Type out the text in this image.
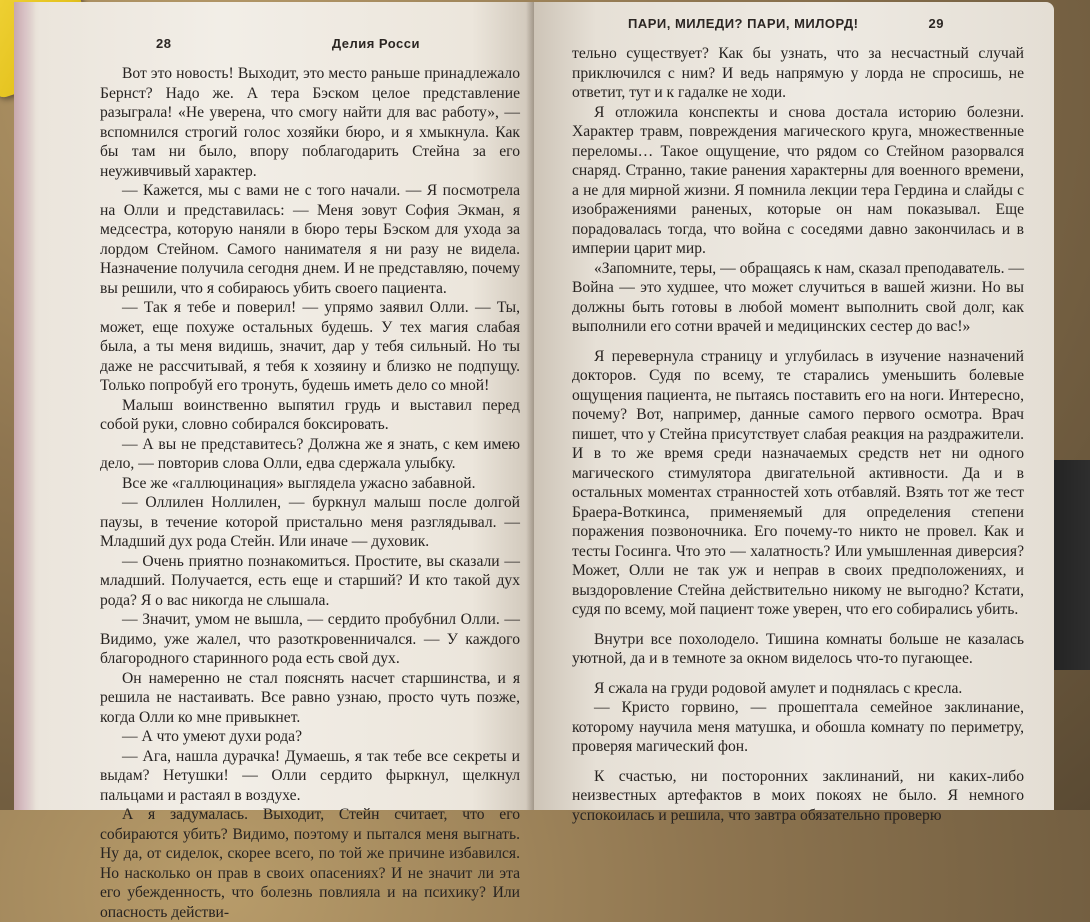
28	Делия Росси

Вот это новость! Выходит, это место раньше принадлежало Бернст? Надо же. А тера Бэском целое представление разыграла! «Не уверена, что смогу найти для вас работу», — вспомнился строгий голос хозяйки бюро, и я хмыкнула. Как бы там ни было, впору поблагодарить Стейна за его неуживчивый характер.

— Кажется, мы с вами не с того начали. — Я посмотрела на Олли и представилась: — Меня зовут София Экман, я медсестра, которую наняли в бюро теры Бэском для ухода за лордом Стейном. Самого нанимателя я ни разу не видела. Назначение получила сегодня днем. И не представляю, почему вы решили, что я собираюсь убить своего пациента.

— Так я тебе и поверил! — упрямо заявил Олли. — Ты, может, еще похуже остальных будешь. У тех магия слабая была, а ты меня видишь, значит, дар у тебя сильный. Но ты даже не рассчитывай, я тебя к хозяину и близко не подпущу. Только попробуй его тронуть, будешь иметь дело со мной!

Малыш воинственно выпятил грудь и выставил перед собой руки, словно собирался боксировать.

— А вы не представитесь? Должна же я знать, с кем имею дело, — повторив слова Олли, едва сдержала улыбку.

Все же «галлюцинация» выглядела ужасно забавной.

— Оллилен Ноллилен, — буркнул малыш после долгой паузы, в течение которой пристально меня разглядывал. — Младший дух рода Стейн. Или иначе — духовик.

— Очень приятно познакомиться. Простите, вы сказали — младший. Получается, есть еще и старший? И кто такой дух рода? Я о вас никогда не слышала.

— Значит, умом не вышла, — сердито пробубнил Олли. — Видимо, уже жалел, что разоткровенничался. — У каждого благородного старинного рода есть свой дух.

Он намеренно не стал пояснять насчет старшинства, и я решила не настаивать. Все равно узнаю, просто чуть позже, когда Олли ко мне привыкнет.

— А что умеют духи рода?

— Ага, нашла дурачка! Думаешь, я так тебе все секреты и выдам? Нетушки! — Олли сердито фыркнул, щелкнул пальцами и растаял в воздухе.

А я задумалась. Выходит, Стейн считает, что его собираются убить? Видимо, поэтому и пытался меня выгнать. Ну да, от сиделок, скорее всего, по той же причине избавился. Но насколько он прав в своих опасениях? И не значит ли эта его убежденность, что болезнь повлияла и на психику? Или опасность действи-

ПАРИ, МИЛЕДИ? ПАРИ, МИЛОРД!	29

тельно существует? Как бы узнать, что за несчастный случай приключился с ним? И ведь напрямую у лорда не спросишь, не ответит, тут и к гадалке не ходи.

Я отложила конспекты и снова достала историю болезни. Характер травм, повреждения магического круга, множественные переломы… Такое ощущение, что рядом со Стейном разорвался снаряд. Странно, такие ранения характерны для военного времени, а не для мирной жизни. Я помнила лекции тера Гердина и слайды с изображениями раненых, которые он нам показывал. Еще порадовалась тогда, что война с соседями давно закончилась и в империи царит мир.

«Запомните, теры, — обращаясь к нам, сказал преподаватель. — Война — это худшее, что может случиться в вашей жизни. Но вы должны быть готовы в любой момент выполнить свой долг, как выполнили его сотни врачей и медицинских сестер до вас!»

Я перевернула страницу и углубилась в изучение назначений докторов. Судя по всему, те старались уменьшить болевые ощущения пациента, не пытаясь поставить его на ноги. Интересно, почему? Вот, например, данные самого первого осмотра. Врач пишет, что у Стейна присутствует слабая реакция на раздражители. И в то же время среди назначаемых средств нет ни одного магического стимулятора двигательной активности. Да и в остальных моментах странностей хоть отбавляй. Взять тот же тест Браера-Воткинса, применяемый для определения степени поражения позвоночника. Его почему-то никто не провел. Как и тесты Госинга. Что это — халатность? Или умышленная диверсия? Может, Олли не так уж и неправ в своих предположениях, и выздоровление Стейна действительно никому не выгодно? Кстати, судя по всему, мой пациент тоже уверен, что его собирались убить.

Внутри все похолодело. Тишина комнаты больше не казалась уютной, да и в темноте за окном виделось что-то пугающее.

Я сжала на груди родовой амулет и поднялась с кресла.

— Кристо горвино, — прошептала семейное заклинание, которому научила меня матушка, и обошла комнату по периметру, проверяя магический фон.

К счастью, ни посторонних заклинаний, ни каких-либо неизвестных артефактов в моих покоях не было. Я немного успокоилась и решила, что завтра обязательно проверю
